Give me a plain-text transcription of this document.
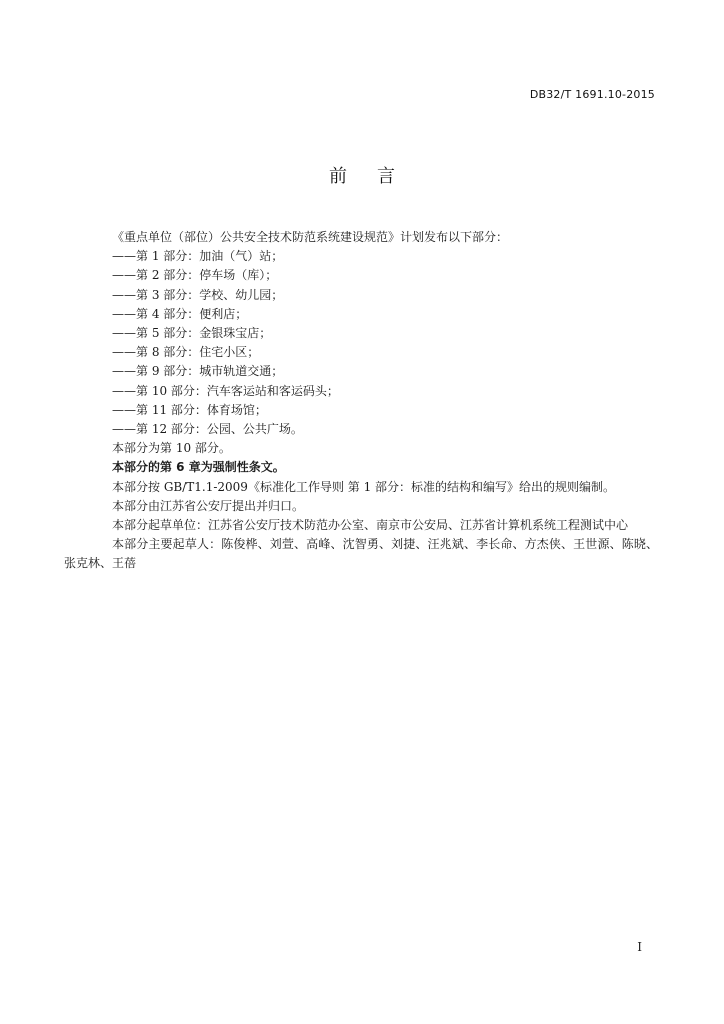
DB32/T 1691.10-2015
前言

《重点单位（部位）公共安全技术防范系统建设规范》计划发布以下部分：

——第 1 部分：加油（气）站；

——第 2 部分：停车场（库）；

——第 3 部分：学校、幼儿园；

——第 4 部分：便利店；

——第 5 部分：金银珠宝店；

——第 8 部分：住宅小区；

——第 9 部分：城市轨道交通；

——第 10 部分：汽车客运站和客运码头；

——第 11 部分：体育场馆；

——第 12 部分：公园、公共广场。

本部分为第 10 部分。

本部分的第 6 章为强制性条文。

本部分按 GB/T1.1-2009《标准化工作导则 第 1 部分：标准的结构和编写》给出的规则编制。

本部分由江苏省公安厅提出并归口。

本部分起草单位：江苏省公安厅技术防范办公室、南京市公安局、江苏省计算机系统工程测试中心

本部分主要起草人：陈俊桦、刘萱、高峰、沈智勇、刘捷、汪兆斌、李长命、方杰侠、王世源、陈晓、张克林、王蓓

I
